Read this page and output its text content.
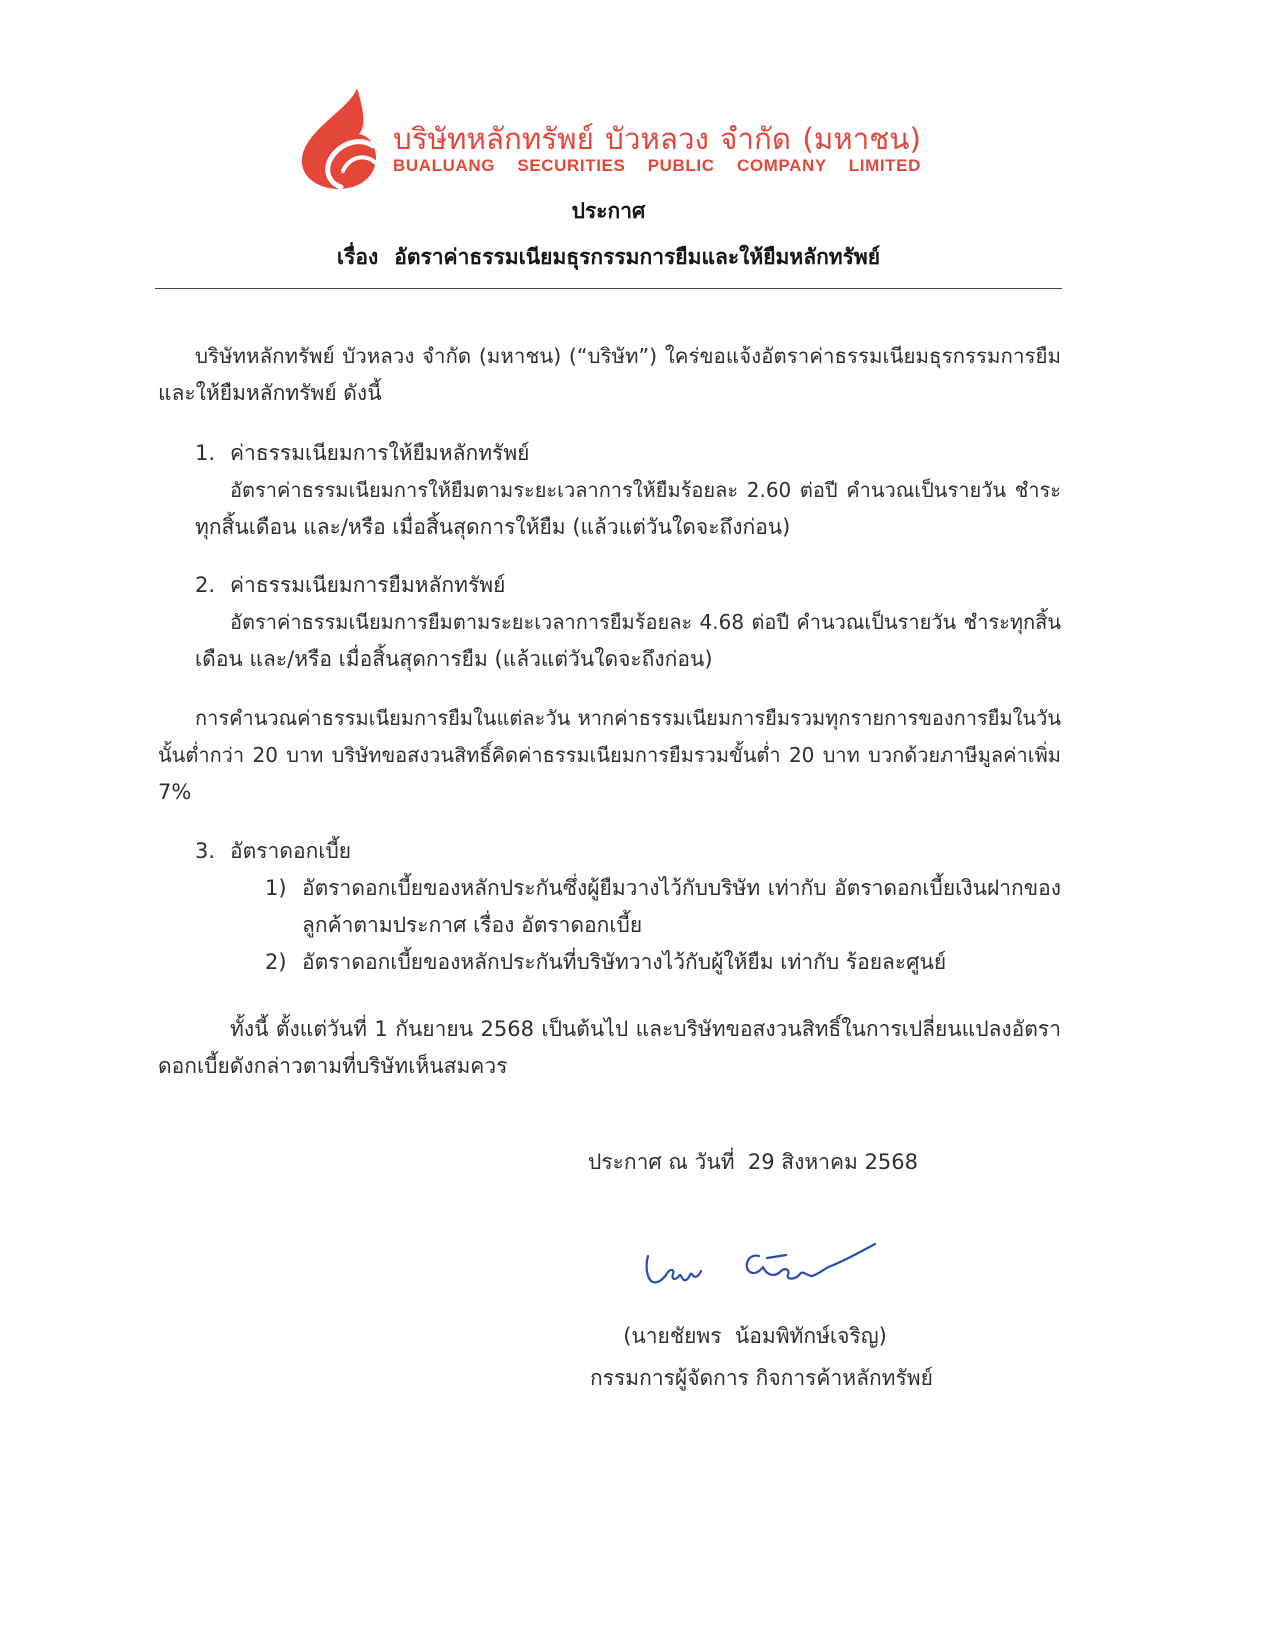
บริษัทหลักทรัพย์ บัวหลวง จำกัด (มหาชน)
BUALUANG SECURITIES PUBLIC COMPANY LIMITED
ประกาศ
เรื่อง อัตราค่าธรรมเนียมธุรกรรมการยืมและให้ยืมหลักทรัพย์
บริษัทหลักทรัพย์ บัวหลวง จำกัด (มหาชน) (“บริษัท”) ใคร่ขอแจ้งอัตราค่าธรรมเนียมธุรกรรมการยืม
และให้ยืมหลักทรัพย์ ดังนี้
1. ค่าธรรมเนียมการให้ยืมหลักทรัพย์
อัตราค่าธรรมเนียมการให้ยืมตามระยะเวลาการให้ยืมร้อยละ 2.60 ต่อปี คำนวณเป็นรายวัน ชำระ
ทุกสิ้นเดือน และ/หรือ เมื่อสิ้นสุดการให้ยืม (แล้วแต่วันใดจะถึงก่อน)
2. ค่าธรรมเนียมการยืมหลักทรัพย์
อัตราค่าธรรมเนียมการยืมตามระยะเวลาการยืมร้อยละ 4.68 ต่อปี คำนวณเป็นรายวัน ชำระทุกสิ้น
เดือน และ/หรือ เมื่อสิ้นสุดการยืม (แล้วแต่วันใดจะถึงก่อน)
การคำนวณค่าธรรมเนียมการยืมในแต่ละวัน หากค่าธรรมเนียมการยืมรวมทุกรายการของการยืมในวัน
นั้นต่ำกว่า 20 บาท บริษัทขอสงวนสิทธิ์คิดค่าธรรมเนียมการยืมรวมขั้นต่ำ 20 บาท บวกด้วยภาษีมูลค่าเพิ่ม
7%
3. อัตราดอกเบี้ย
1) อัตราดอกเบี้ยของหลักประกันซึ่งผู้ยืมวางไว้กับบริษัท เท่ากับ อัตราดอกเบี้ยเงินฝากของ
ลูกค้าตามประกาศ เรื่อง อัตราดอกเบี้ย
2) อัตราดอกเบี้ยของหลักประกันที่บริษัทวางไว้กับผู้ให้ยืม เท่ากับ ร้อยละศูนย์
ทั้งนี้ ตั้งแต่วันที่ 1 กันยายน 2568 เป็นต้นไป และบริษัทขอสงวนสิทธิ์ในการเปลี่ยนแปลงอัตรา
ดอกเบี้ยดังกล่าวตามที่บริษัทเห็นสมควร
ประกาศ ณ วันที่  29 สิงหาคม 2568
(นายชัยพร  น้อมพิทักษ์เจริญ)
กรรมการผู้จัดการ กิจการค้าหลักทรัพย์
